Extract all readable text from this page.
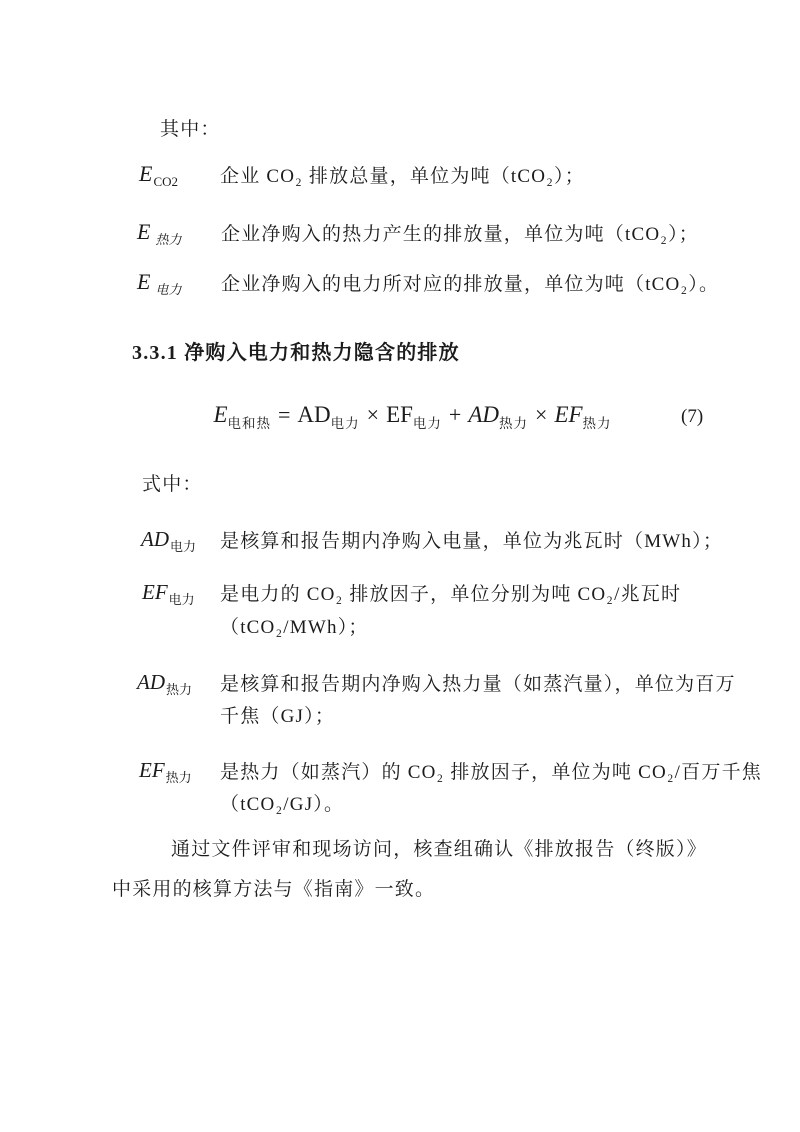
其中：
$E_{CO2}$ 企业 CO₂ 排放总量，单位为吨（tCO₂）；
E $_{热力}$ 企业净购入的热力产生的排放量，单位为吨（tCO₂）；
E $_{电力}$ 企业净购入的电力所对应的排放量，单位为吨（tCO₂）。
3.3.1 净购入电力和热力隐含的排放
$E_{电和热} = AD_{电力} \times EF_{电力} + AD_{热力} \times EF_{热力}$	(7)
式中：
$AD_{电力}$ 是核算和报告期内净购入电量，单位为兆瓦时（MWh）；
$EF_{电力}$ 是电力的 CO₂ 排放因子，单位分别为吨 CO₂/兆瓦时
（tCO₂/MWh）；
$AD_{热力}$ 是核算和报告期内净购入热力量（如蒸汽量），单位为百万
千焦（GJ）；
$EF_{热力}$ 是热力（如蒸汽）的 CO₂ 排放因子，单位为吨 CO₂/百万千焦
（tCO₂/GJ）。
通过文件评审和现场访问，核查组确认《排放报告（终版）》
中采用的核算方法与《指南》一致。
